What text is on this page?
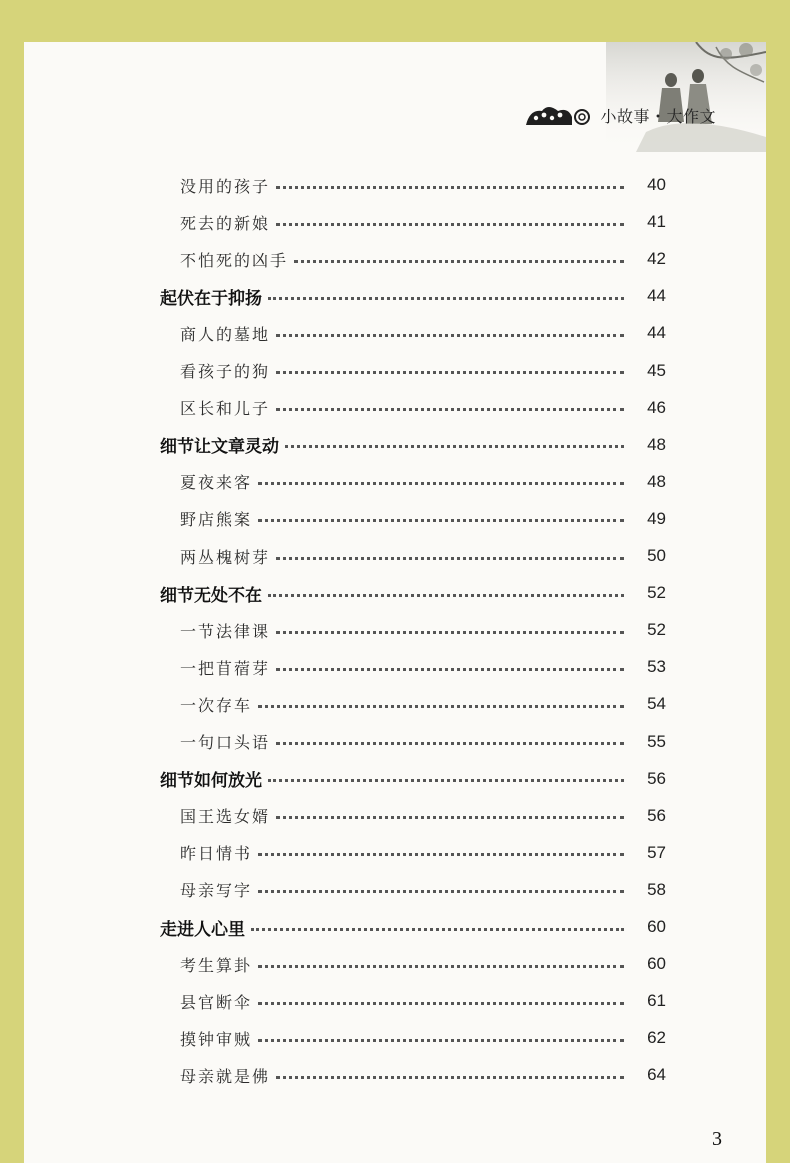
小故事・大作文
没用的孩子	40
死去的新娘	41
不怕死的凶手	42
起伏在于抑扬	44
商人的墓地	44
看孩子的狗	45
区长和儿子	46
细节让文章灵动	48
夏夜来客	48
野店熊案	49
两丛槐树芽	50
细节无处不在	52
一节法律课	52
一把苜蓿芽	53
一次存车	54
一句口头语	55
细节如何放光	56
国王选女婿	56
昨日情书	57
母亲写字	58
走进人心里	60
考生算卦	60
县官断伞	61
摸钟审贼	62
母亲就是佛	64
3
